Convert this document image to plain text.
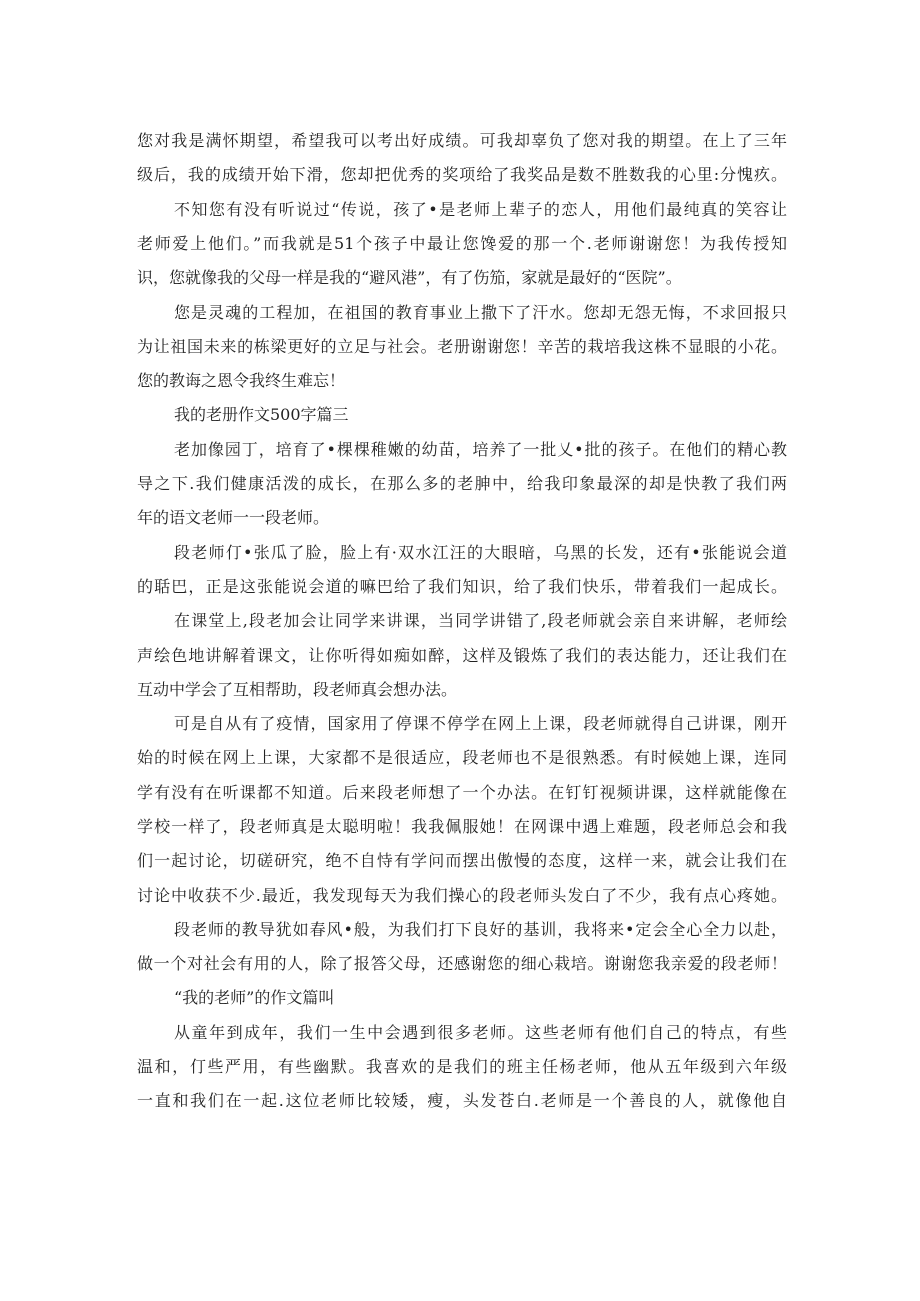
您对我是满怀期望，希望我可以考出好成绩。可我却辜负了您对我的期望。在上了三年
级后，我的成绩开始下滑，您却把优秀的奖项给了我奖品是数不胜数我的心里:分愧疚。
不知您有没有听说过“传说，孩了•是老师上辈子的恋人，用他们最纯真的笑容让
老师爱上他们。”而我就是51个孩子中最让您馋爱的那一个.老师谢谢您！为我传授知
识，您就像我的父母一样是我的“避风港”，有了伤笳，家就是最好的“医院”。
您是灵魂的工程加，在祖国的教育事业上撒下了汗水。您却无怨无悔，不求回报只
为让祖国未来的栋梁更好的立足与社会。老册谢谢您！辛苦的栽培我这株不显眼的小花。
您的教诲之恩令我终生难忘！
我的老册作文500字篇三
老加像园丁，培育了•棵棵稚嫩的幼苗，培养了一批乂•批的孩子。在他们的精心教
导之下.我们健康活泼的成长，在那么多的老胂中，给我印象最深的却是快教了我们两
年的语文老师一一段老师。
段老师仃•张瓜了脸，脸上有·双水江汪的大眼暗，乌黑的长发，还有•张能说会道
的聒巴，正是这张能说会道的嘛巴给了我们知识，给了我们快乐，带着我们一起成长。
在课堂上,段老加会让同学来讲课，当同学讲错了,段老师就会亲自来讲解，老师绘
声绘色地讲解着课文，让你听得如痴如醉，这样及锻炼了我们的表达能力，还让我们在
互动中学会了互相帮助，段老师真会想办法。
可是自从有了疫情，国家用了停课不停学在网上上课，段老师就得自己讲课，刚开
始的时候在网上上课，大家都不是很适应，段老师也不是很熟悉。有时候她上课，连同
学有没有在听课都不知道。后来段老师想了一个办法。在钉钉视频讲课，这样就能像在
学校一样了，段老师真是太聪明啦！我我佩服她！在网课中遇上难题，段老师总会和我
们一起讨论，切磋研究，绝不自恃有学问而摆出傲慢的态度，这样一来，就会让我们在
讨论中收获不少.最近，我发现每天为我们操心的段老师头发白了不少，我有点心疼她。
段老师的教导犹如春风•般，为我们打下良好的基训，我将来•定会全心全力以赴，
做一个对社会有用的人，除了报答父母，还感谢您的细心栽培。谢谢您我亲爱的段老师！
“我的老师”的作文篇叫
从童年到成年，我们一生中会遇到很多老师。这些老师有他们自己的特点，有些
温和，仃些严用，有些幽默。我喜欢的是我们的班主任杨老师，他从五年级到六年级
一直和我们在一起.这位老师比较矮，瘦，头发苍白.老师是一个善良的人，就像他自
